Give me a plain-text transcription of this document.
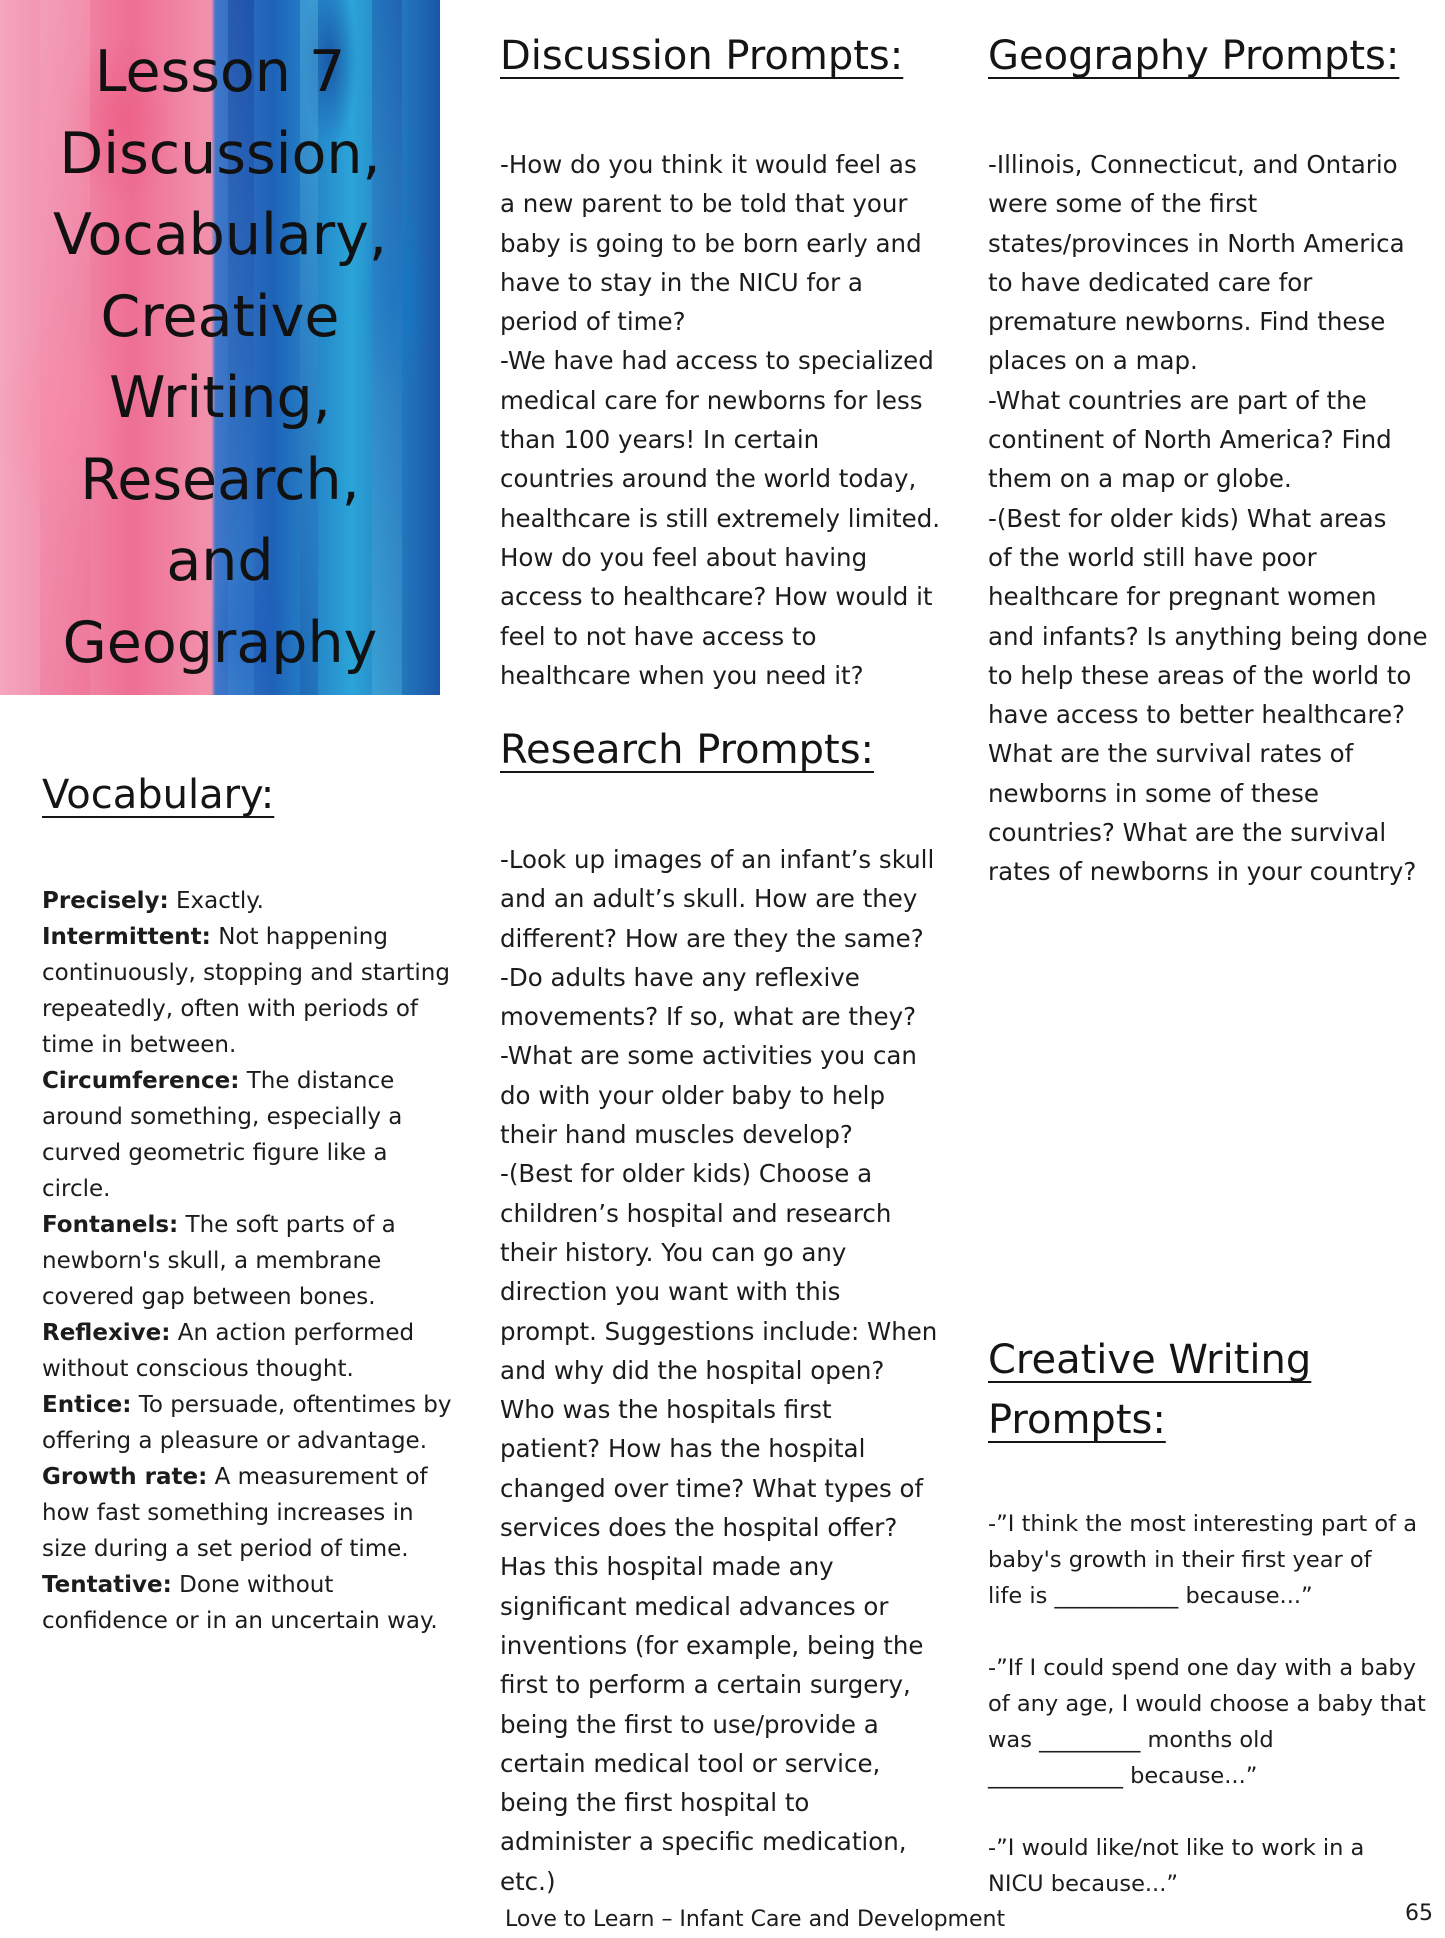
Lesson 7
Discussion,
Vocabulary,
Creative
Writing,
Research,
and
Geography
Vocabulary:
Precisely: Exactly.
Intermittent: Not happening continuously, stopping and starting repeatedly, often with periods of time in between.
Circumference: The distance around something, especially a curved geometric figure like a circle.
Fontanels: The soft parts of a newborn's skull, a membrane covered gap between bones.
Reflexive: An action performed without conscious thought.
Entice: To persuade, oftentimes by offering a pleasure or advantage.
Growth rate: A measurement of how fast something increases in size during a set period of time.
Tentative: Done without confidence or in an uncertain way.
Discussion Prompts:

-How do you think it would feel as
a new parent to be told that your
baby is going to be born early and
have to stay in the NICU for a
period of time?
-We have had access to specialized
medical care for newborns for less
than 100 years! In certain
countries around the world today,
healthcare is still extremely limited.
How do you feel about having
access to healthcare? How would it
feel to not have access to
healthcare when you need it?

Research Prompts:

-Look up images of an infant’s skull
and an adult’s skull. How are they
different? How are they the same?
-Do adults have any reflexive
movements? If so, what are they?
-What are some activities you can
do with your older baby to help
their hand muscles develop?
-(Best for older kids) Choose a
children’s hospital and research
their history. You can go any
direction you want with this
prompt. Suggestions include: When
and why did the hospital open?
Who was the hospitals first
patient? How has the hospital
changed over time? What types of
services does the hospital offer?
Has this hospital made any
significant medical advances or
inventions (for example, being the
first to perform a certain surgery,
being the first to use/provide a
certain medical tool or service,
being the first hospital to
administer a specific medication,
etc.)

Geography Prompts:

-Illinois, Connecticut, and Ontario
were some of the first
states/provinces in North America
to have dedicated care for
premature newborns. Find these
places on a map.
-What countries are part of the
continent of North America? Find
them on a map or globe.
-(Best for older kids) What areas
of the world still have poor
healthcare for pregnant women
and infants? Is anything being done
to help these areas of the world to
have access to better healthcare?
What are the survival rates of
newborns in some of these
countries? What are the survival
rates of newborns in your country?

Creative Writing
Prompts:

-”I think the most interesting part of a
baby's growth in their first year of
life is ___________ because...”

-”If I could spend one day with a baby
of any age, I would choose a baby that
was _________ months old
____________ because...”

-”I would like/not like to work in a
NICU because...”

Love to Learn – Infant Care and Development	65
